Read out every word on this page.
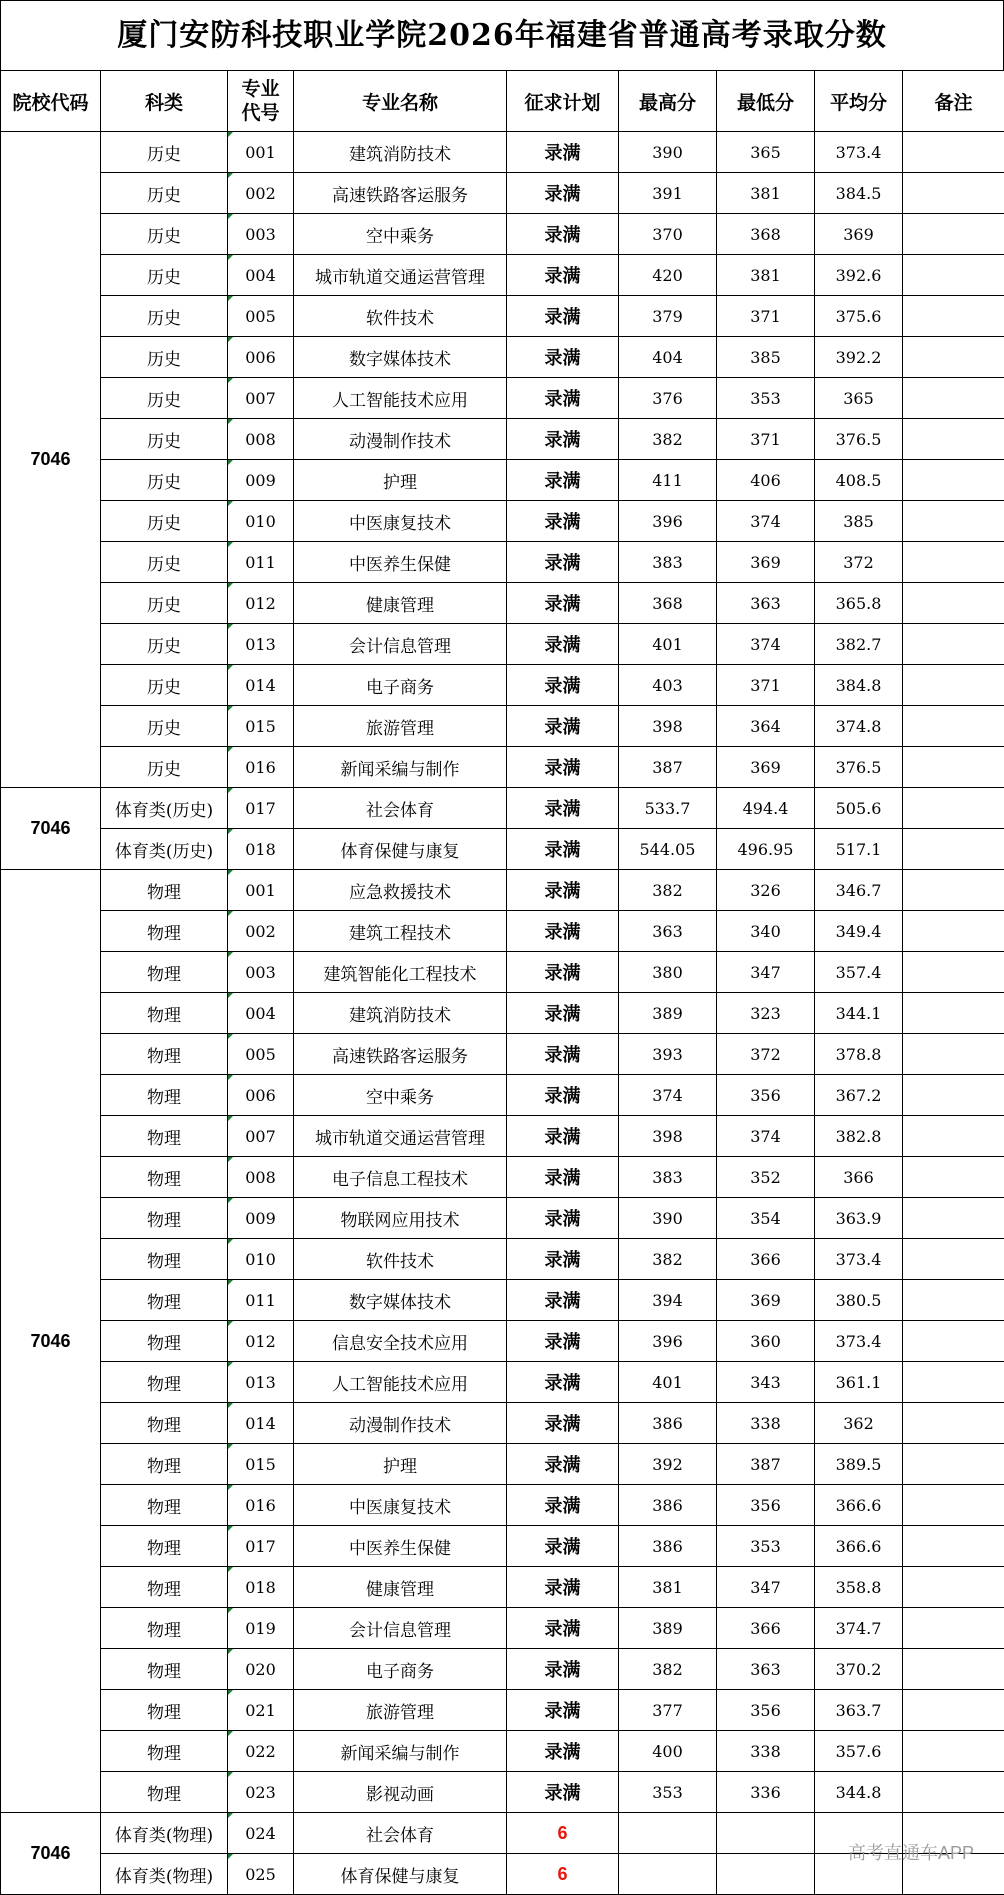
厦门安防科技职业学院2026年福建省普通高考录取分数
院校代码	科类	专业
代号	专业名称	征求计划	最高分	最低分	平均分	备注
7046	历史	001	建筑消防技术	录满	390	365	373.4	
	历史	002	高速铁路客运服务	录满	391	381	384.5	
	历史	003	空中乘务	录满	370	368	369	
	历史	004	城市轨道交通运营管理	录满	420	381	392.6	
	历史	005	软件技术	录满	379	371	375.6	
	历史	006	数字媒体技术	录满	404	385	392.2	
	历史	007	人工智能技术应用	录满	376	353	365	
	历史	008	动漫制作技术	录满	382	371	376.5	
	历史	009	护理	录满	411	406	408.5	
	历史	010	中医康复技术	录满	396	374	385	
	历史	011	中医养生保健	录满	383	369	372	
	历史	012	健康管理	录满	368	363	365.8	
	历史	013	会计信息管理	录满	401	374	382.7	
	历史	014	电子商务	录满	403	371	384.8	
	历史	015	旅游管理	录满	398	364	374.8	
	历史	016	新闻采编与制作	录满	387	369	376.5	
7046	体育类(历史)	017	社会体育	录满	533.7	494.4	505.6	
	体育类(历史)	018	体育保健与康复	录满	544.05	496.95	517.1	
7046	物理	001	应急救援技术	录满	382	326	346.7	
	物理	002	建筑工程技术	录满	363	340	349.4	
	物理	003	建筑智能化工程技术	录满	380	347	357.4	
	物理	004	建筑消防技术	录满	389	323	344.1	
	物理	005	高速铁路客运服务	录满	393	372	378.8	
	物理	006	空中乘务	录满	374	356	367.2	
	物理	007	城市轨道交通运营管理	录满	398	374	382.8	
	物理	008	电子信息工程技术	录满	383	352	366	
	物理	009	物联网应用技术	录满	390	354	363.9	
	物理	010	软件技术	录满	382	366	373.4	
	物理	011	数字媒体技术	录满	394	369	380.5	
	物理	012	信息安全技术应用	录满	396	360	373.4	
	物理	013	人工智能技术应用	录满	401	343	361.1	
	物理	014	动漫制作技术	录满	386	338	362	
	物理	015	护理	录满	392	387	389.5	
	物理	016	中医康复技术	录满	386	356	366.6	
	物理	017	中医养生保健	录满	386	353	366.6	
	物理	018	健康管理	录满	381	347	358.8	
	物理	019	会计信息管理	录满	389	366	374.7	
	物理	020	电子商务	录满	382	363	370.2	
	物理	021	旅游管理	录满	377	356	363.7	
	物理	022	新闻采编与制作	录满	400	338	357.6	
	物理	023	影视动画	录满	353	336	344.8	
7046	体育类(物理)	024	社会体育	6				
	体育类(物理)	025	体育保健与康复	6				
高考直通车APP
